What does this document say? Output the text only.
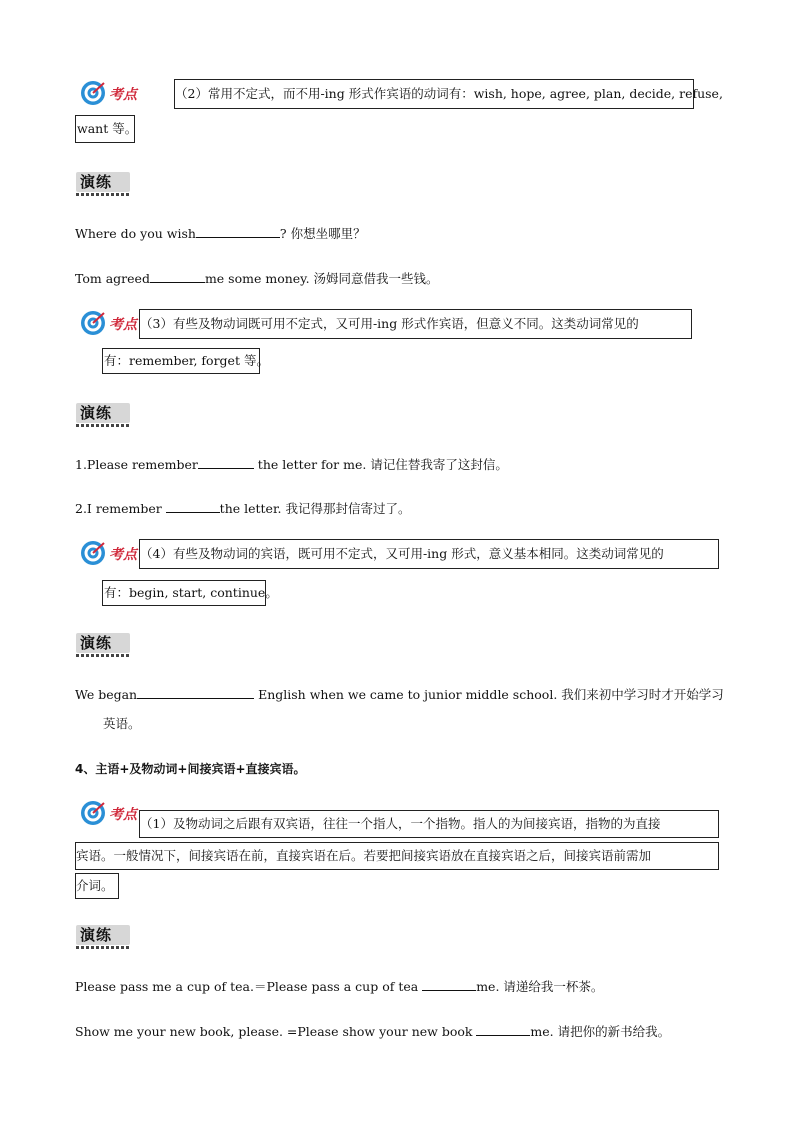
考点	（2）常用不定式，而不用-ing 形式作宾语的动词有：wish, hope, agree, plan, decide, refuse,
want 等。
演练
Where do you wish	? 你想坐哪里？
Tom agreed	me some money. 汤姆同意借我一些钱。
考点 （3）有些及物动词既可用不定式，又可用-ing 形式作宾语，但意义不同。这类动词常见的
有：remember, forget 等。
演练
1.Please remember	the letter for me. 请记住替我寄了这封信。
2.I remember	the letter. 我记得那封信寄过了。
考点 （4）有些及物动词的宾语，既可用不定式，又可用-ing 形式，意义基本相同。这类动词常见的
有：begin, start, continue。
演练
We began	English when we came to junior middle school. 我们来初中学习时才开始学习
英语。
4、主语+及物动词+间接宾语+直接宾语。
考点
（1）及物动词之后跟有双宾语，往往一个指人，一个指物。指人的为间接宾语，指物的为直接
宾语。一般情况下，间接宾语在前，直接宾语在后。若要把间接宾语放在直接宾语之后，间接宾语前需加
介词。
演练
Please pass me a cup of tea.＝Please pass a cup of tea	me. 请递给我一杯茶。
Show me your new book, please. =Please show your new book	me. 请把你的新书给我。
